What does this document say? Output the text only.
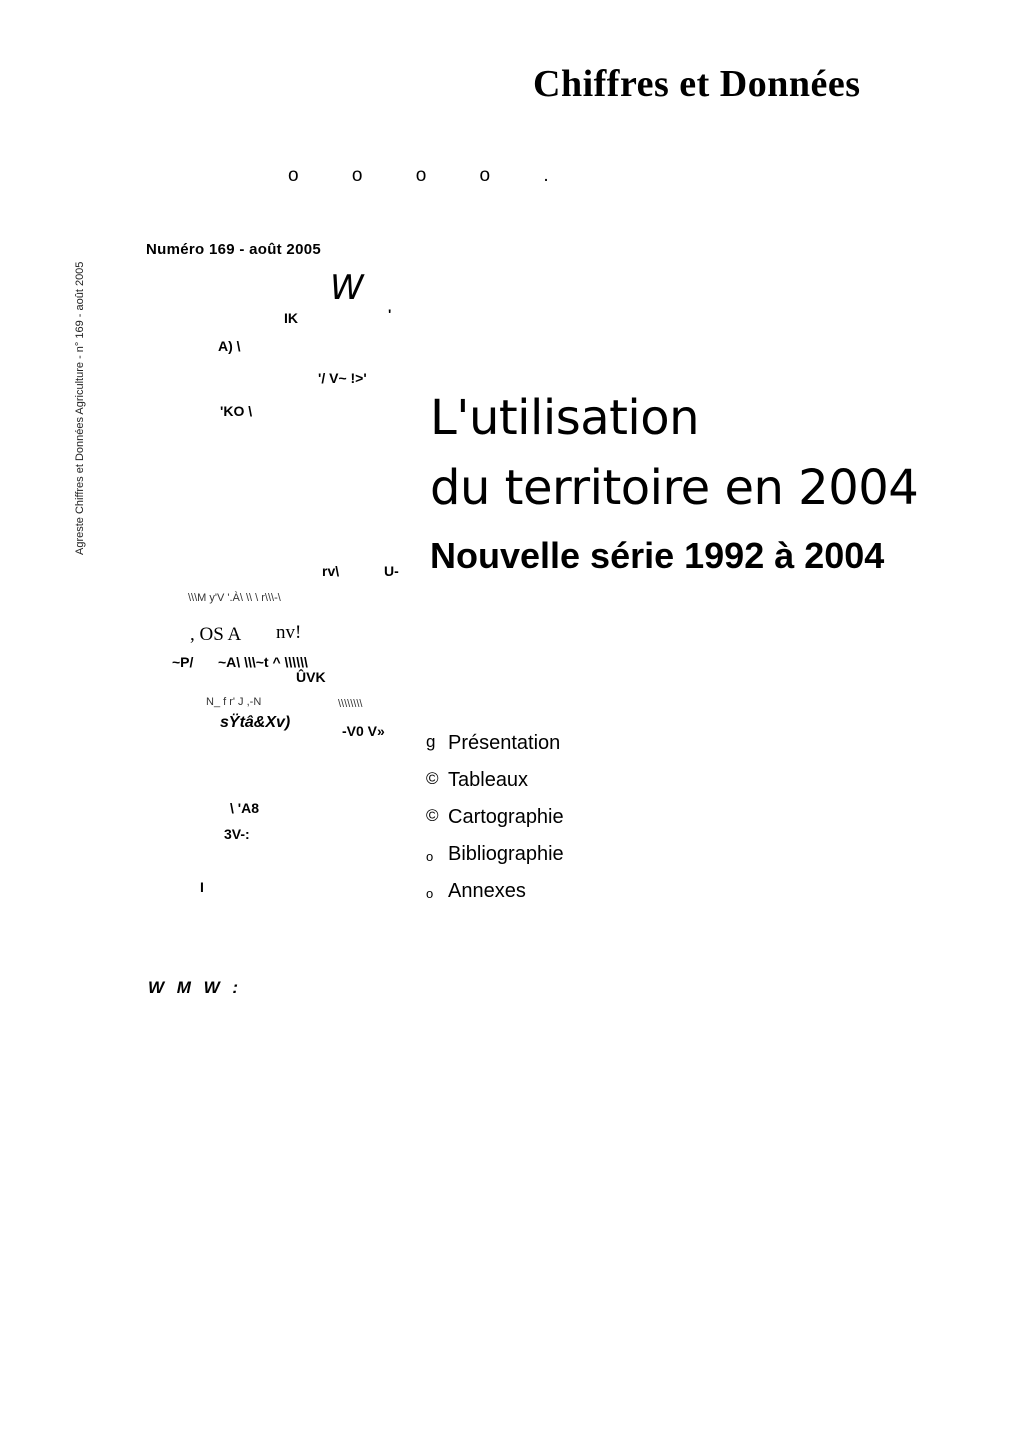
Chiffres et Données
o o o o .
Agreste Chiffres et Données Agriculture - n° 169 - août 2005
Numéro 169 - août 2005
W
IK	'
A) \
'/ V~ !>'
'KO \
rv\	U-
\\\M y'V '.À\ \\ \ r\\\-\
, OS A nv!
~P/ ~A\ \\\~t ^ \\\\\\
ÛVK
N_ f r' J ,-N	\\\\\\\\
sŸtâ&Xv)	-V0 V»
\ 'A8
3V-:
I
L'utilisation
du territoire en 2004
Nouvelle série 1992 à 2004
g Présentation
© Tableaux
© Cartographie
o Bibliographie
o Annexes
W M W :
